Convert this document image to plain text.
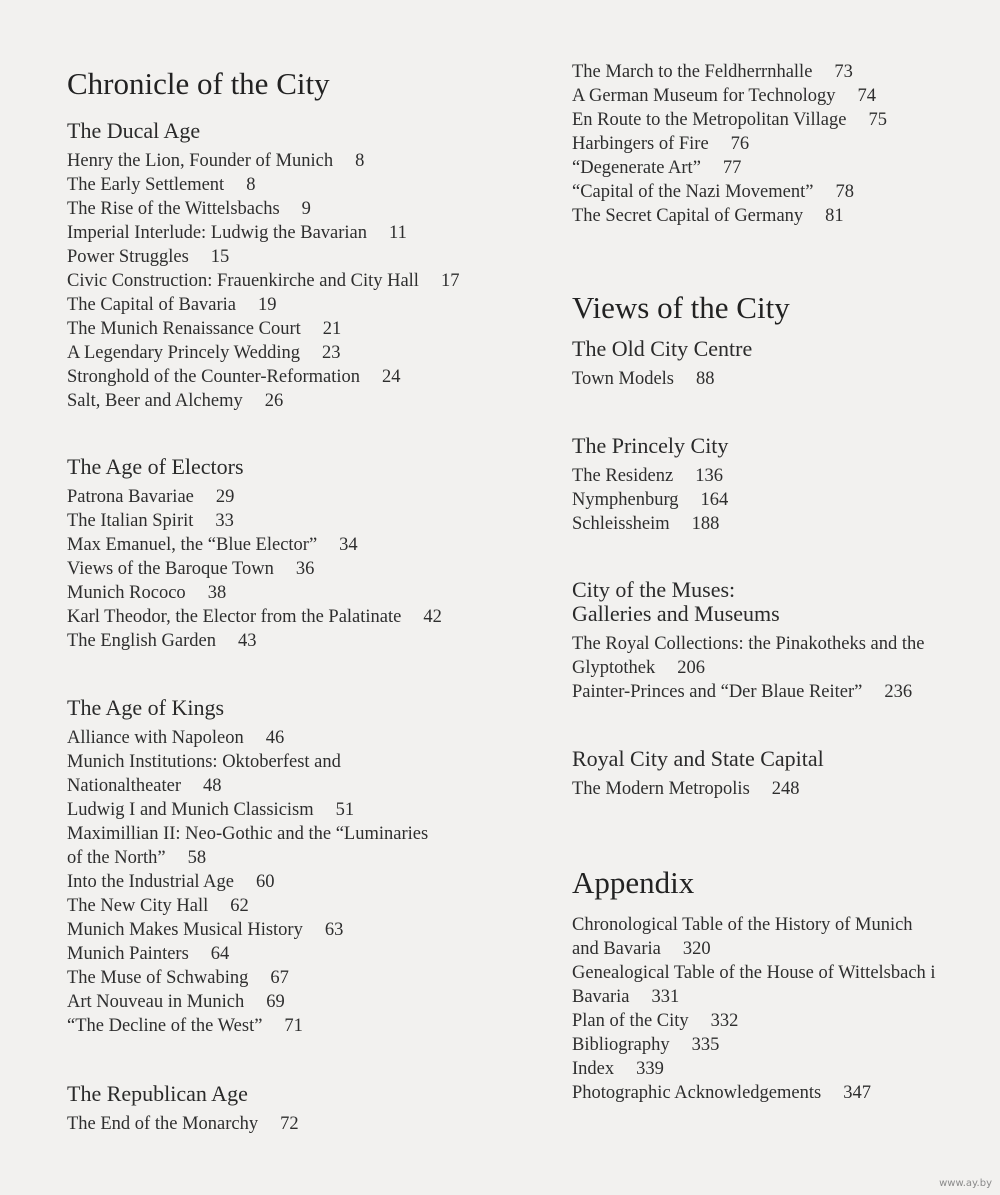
Chronicle of the City
The Ducal Age

Henry the Lion, Founder of Munich 8

The Early Settlement 8

The Rise of the Wittelsbachs 9

Imperial Interlude: Ludwig the Bavarian 11

Power Struggles 15

Civic Construction: Frauenkirche and City Hall 17

The Capital of Bavaria 19

The Munich Renaissance Court 21

A Legendary Princely Wedding 23

Stronghold of the Counter-Reformation 24

Salt, Beer and Alchemy 26

The Age of Electors

Patrona Bavariae 29

The Italian Spirit 33

Max Emanuel, the “Blue Elector” 34

Views of the Baroque Town 36

Munich Rococo 38

Karl Theodor, the Elector from the Palatinate 42

The English Garden 43

The Age of Kings

Alliance with Napoleon 46

Munich Institutions: Oktoberfest and

Nationaltheater 48

Ludwig I and Munich Classicism 51

Maximillian II: Neo-Gothic and the “Luminaries

of the North” 58

Into the Industrial Age 60

The New City Hall 62

Munich Makes Musical History 63

Munich Painters 64

The Muse of Schwabing 67

Art Nouveau in Munich 69

“The Decline of the West” 71

The Republican Age

The End of the Monarchy 72

The March to the Feldherrnhalle 73

A German Museum for Technology 74

En Route to the Metropolitan Village 75

Harbingers of Fire 76

“Degenerate Art” 77

“Capital of the Nazi Movement” 78

The Secret Capital of Germany 81

Views of the City
The Old City Centre

Town Models 88

The Princely City

The Residenz 136

Nymphenburg 164

Schleissheim 188

City of the Muses:
Galleries and Museums

The Royal Collections: the Pinakotheks and the

Glyptothek 206

Painter-Princes and “Der Blaue Reiter” 236

Royal City and State Capital

The Modern Metropolis 248

Appendix

Chronological Table of the History of Munich

and Bavaria 320

Genealogical Table of the House of Wittelsbach i

Bavaria 331

Plan of the City 332

Bibliography 335

Index 339

Photographic Acknowledgements 347

www.ay.by
